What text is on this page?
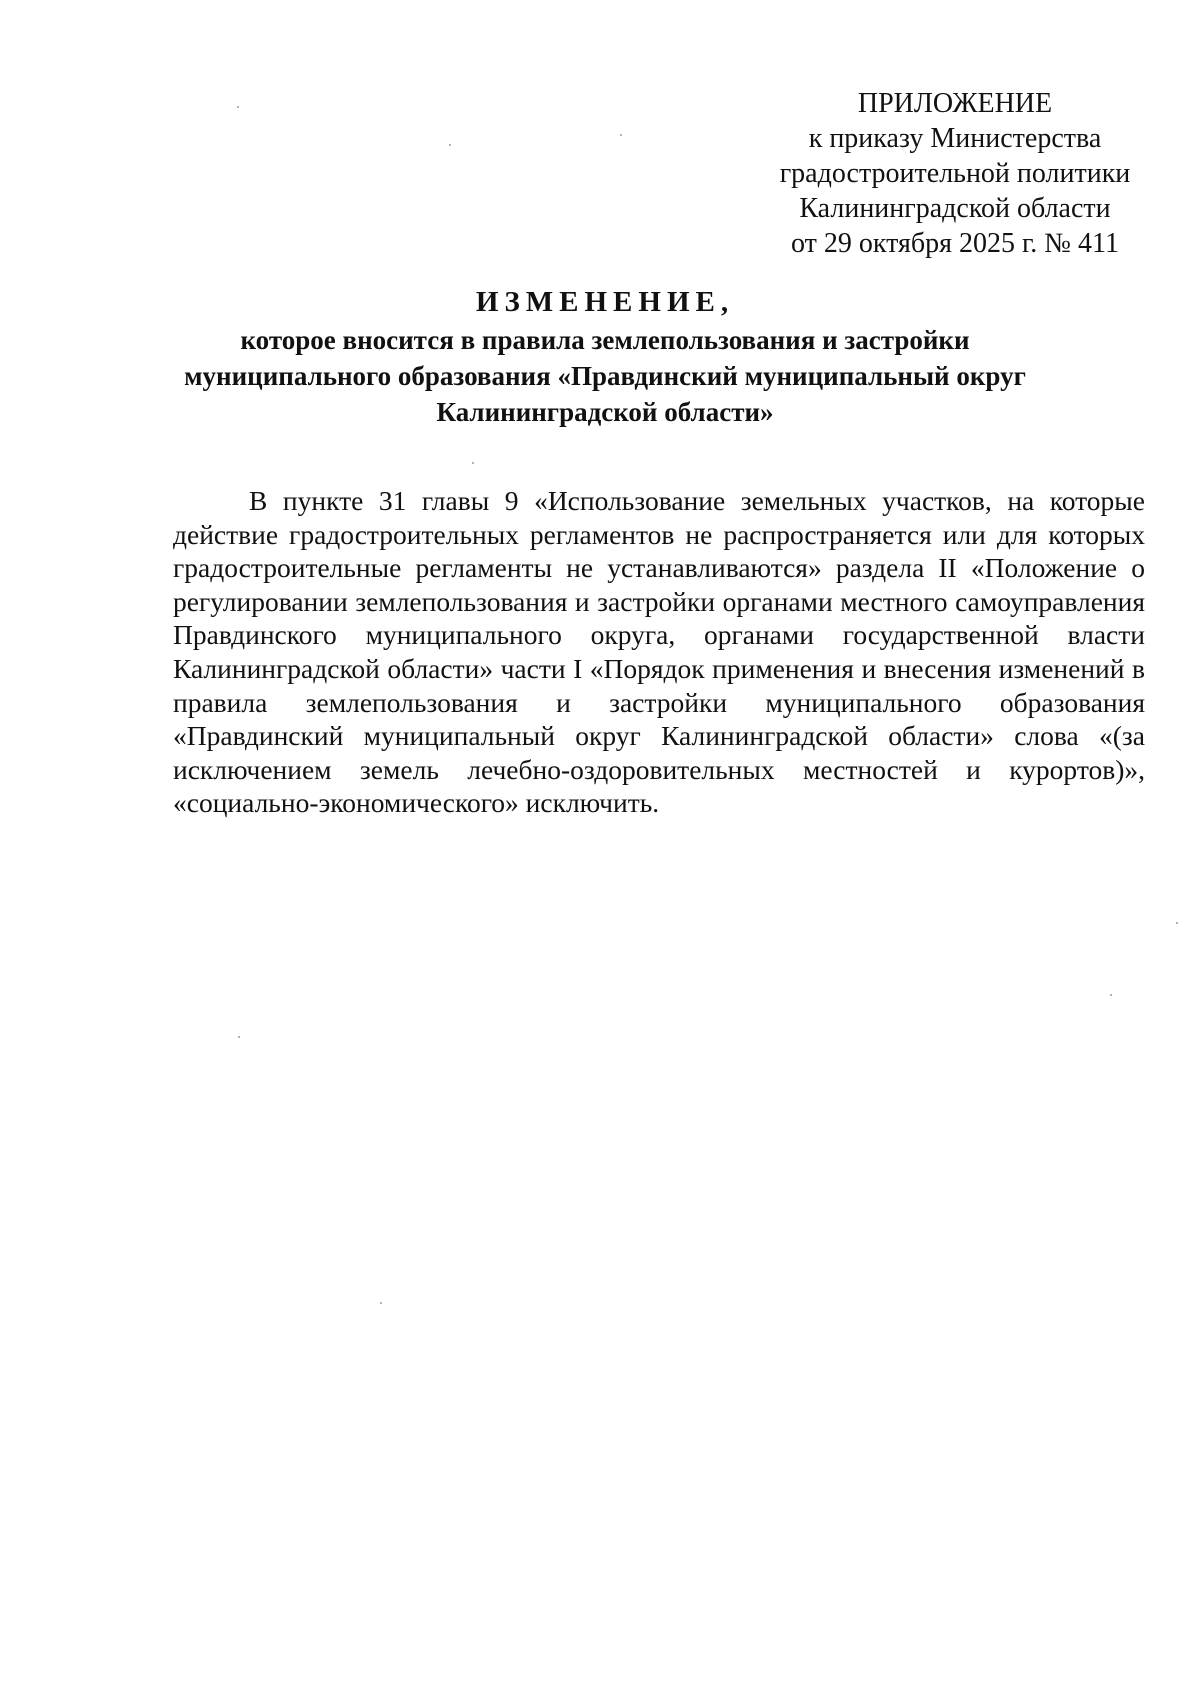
ПРИЛОЖЕНИЕ
к приказу Министерства
градостроительной политики
Калининградской области
от 29 октября 2025 г. № 411
ИЗМЕНЕНИЕ,
которое вносится в правила землепользования и застройки
муниципального образования «Правдинский муниципальный округ
Калининградской области»
В пункте 31 главы 9 «Использование земельных участков, на которые действие градостроительных регламентов не распространяется или для которых градостроительные регламенты не устанавливаются» раздела II «Положение о регулировании землепользования и застройки органами местного самоуправления Правдинского муниципального округа, органами государственной власти Калининградской области» части I «Порядок применения и внесения изменений в правила землепользования и застройки муниципального образования «Правдинский муниципальный округ Калининградской области» слова «(за исключением земель лечебно-оздоровительных местностей и курортов)», «социально-экономического» исключить.
